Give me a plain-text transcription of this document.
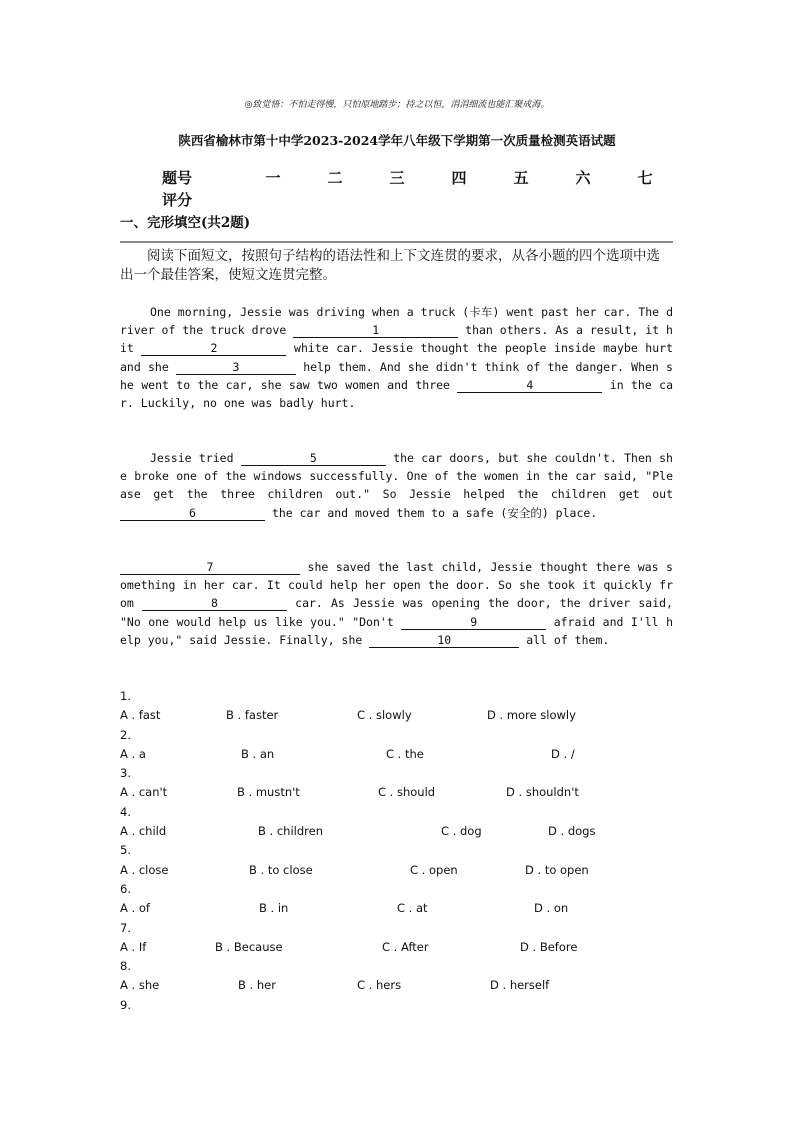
◎致觉悟：不怕走得慢，只怕原地踏步；持之以恒，涓涓细流也能汇聚成海。
陕西省榆林市第十中学2023-2024学年八年级下学期第一次质量检测英语试题
题号	一	二	三	四	五	六	七
评分
一、完形填空(共2题)
阅读下面短文，按照句子结构的语法性和上下文连贯的要求，从各小题的四个选项中选出一个最佳答案，使短文连贯完整。
One morning, Jessie was driving when a truck (卡车) went past her car. The driver of the truck drove	1	than others. As a result, it hit	2	white car. Jessie thought the people inside maybe hurt and she	3	help them. And she didn't think of the danger. When she went to the car, she saw two women and three	4	in the car. Luckily, no one was badly hurt.
Jessie tried	5	the car doors, but she couldn't. Then she broke one of the windows successfully. One of the women in the car said, "Please get the three children out." So Jessie helped the children get out 6	the car and moved them to a safe (安全的) place.
7	she saved the last child, Jessie thought there was something in her car. It could help her open the door. So she took it quickly from	8	car. As Jessie was opening the door, the driver said, "No one would help us like you." "Don't	9	afraid and I'll help you," said Jessie. Finally, she	10	all of them.
1.
A . fast	B . faster	C . slowly	D . more slowly
2.
A . a	B . an	C . the	D . /
3.
A . can't	B . mustn't	C . should	D . shouldn't
4.
A . child	B . children	C . dog	D . dogs
5.
A . close	B . to close	C . open	D . to open
6.
A . of	B . in	C . at	D . on
7.
A . If	B . Because	C . After	D . Before
8.
A . she	B . her	C . hers	D . herself
9.
